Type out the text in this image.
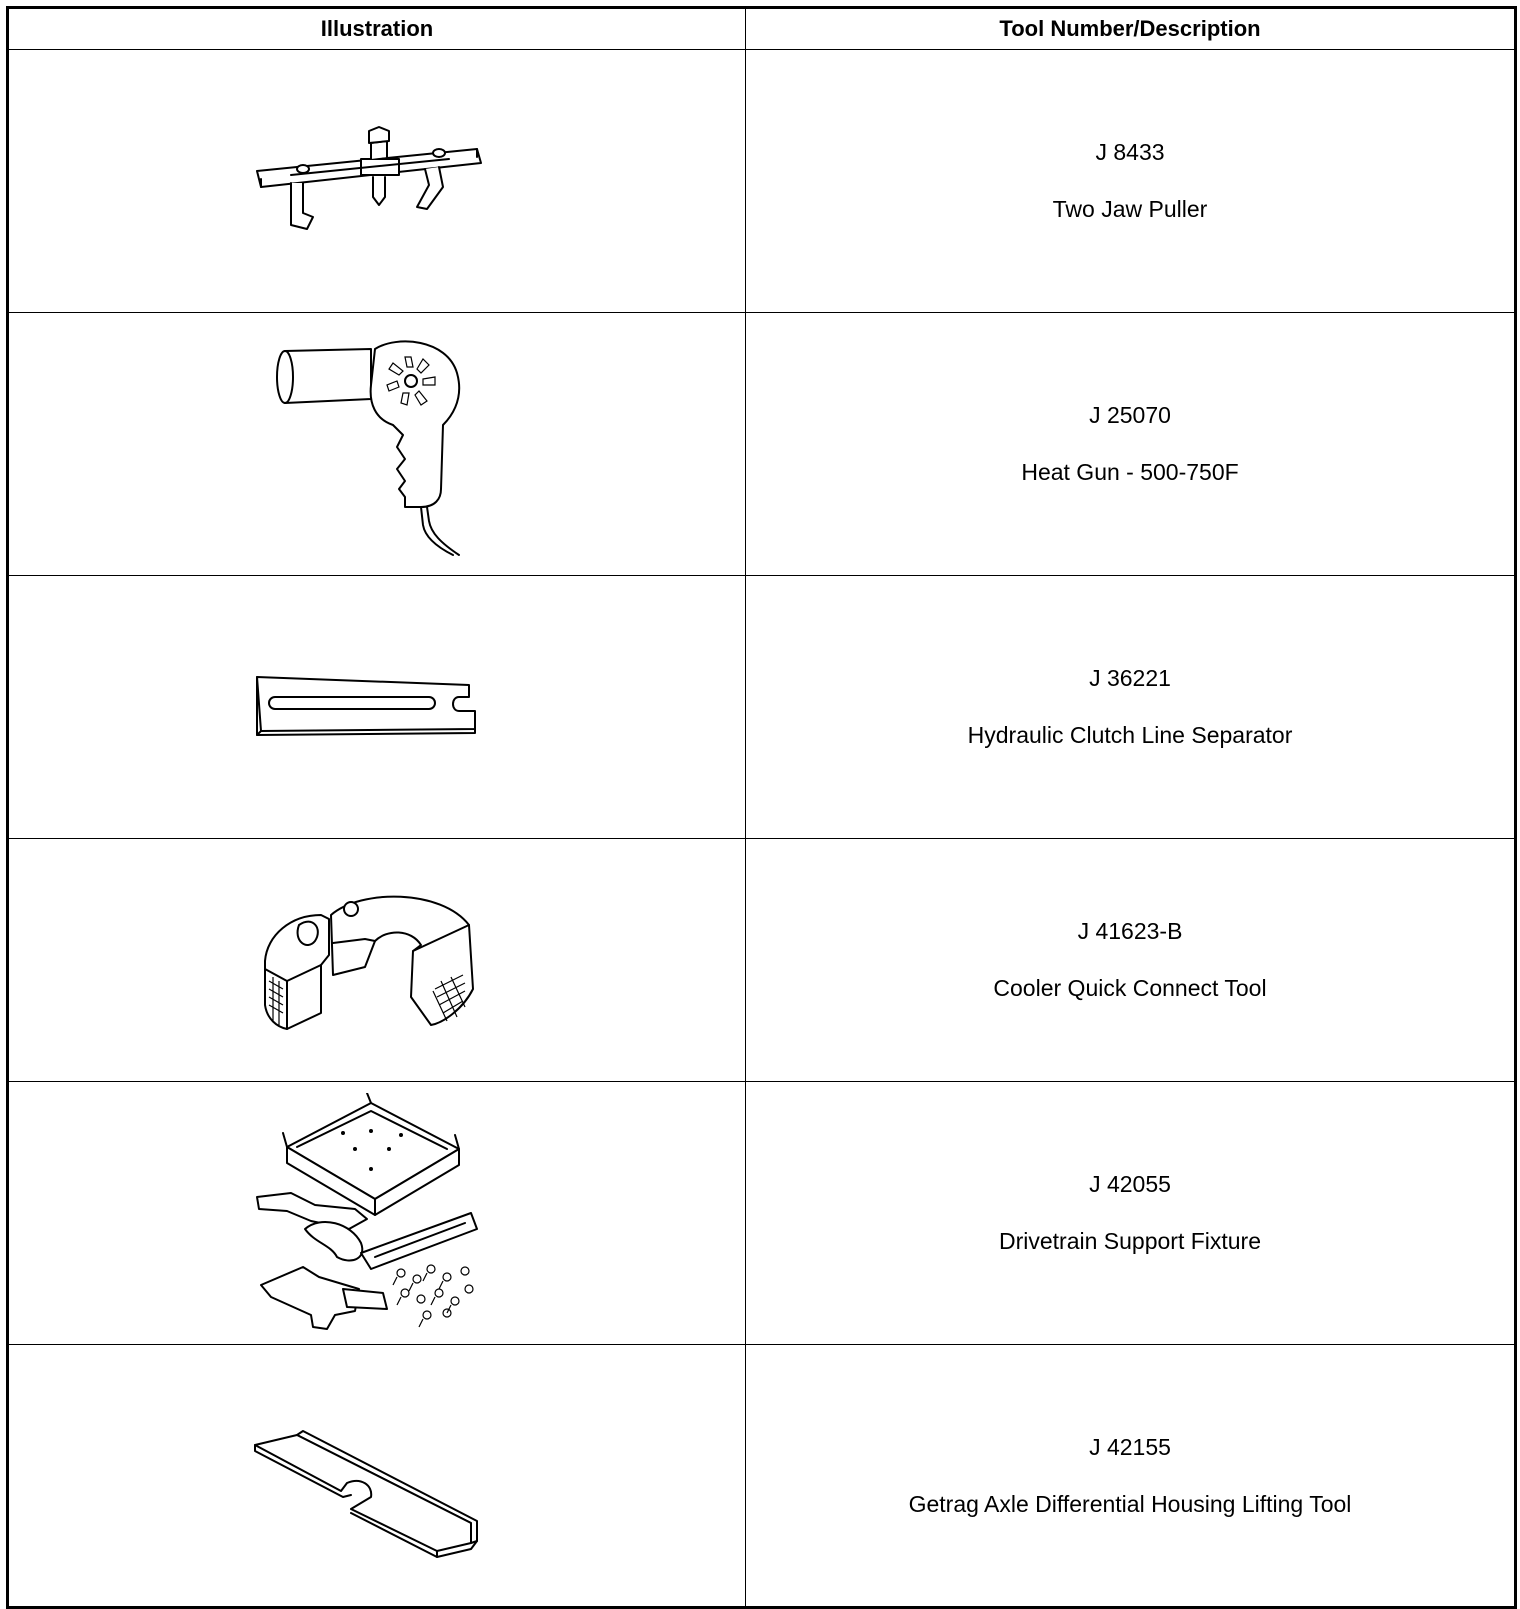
Illustration	Tool Number/Description

J 8433
Two Jaw Puller

J 25070
Heat Gun - 500-750F

J 36221
Hydraulic Clutch Line Separator

J 41623-B
Cooler Quick Connect Tool

J 42055
Drivetrain Support Fixture

J 42155
Getrag Axle Differential Housing Lifting Tool
